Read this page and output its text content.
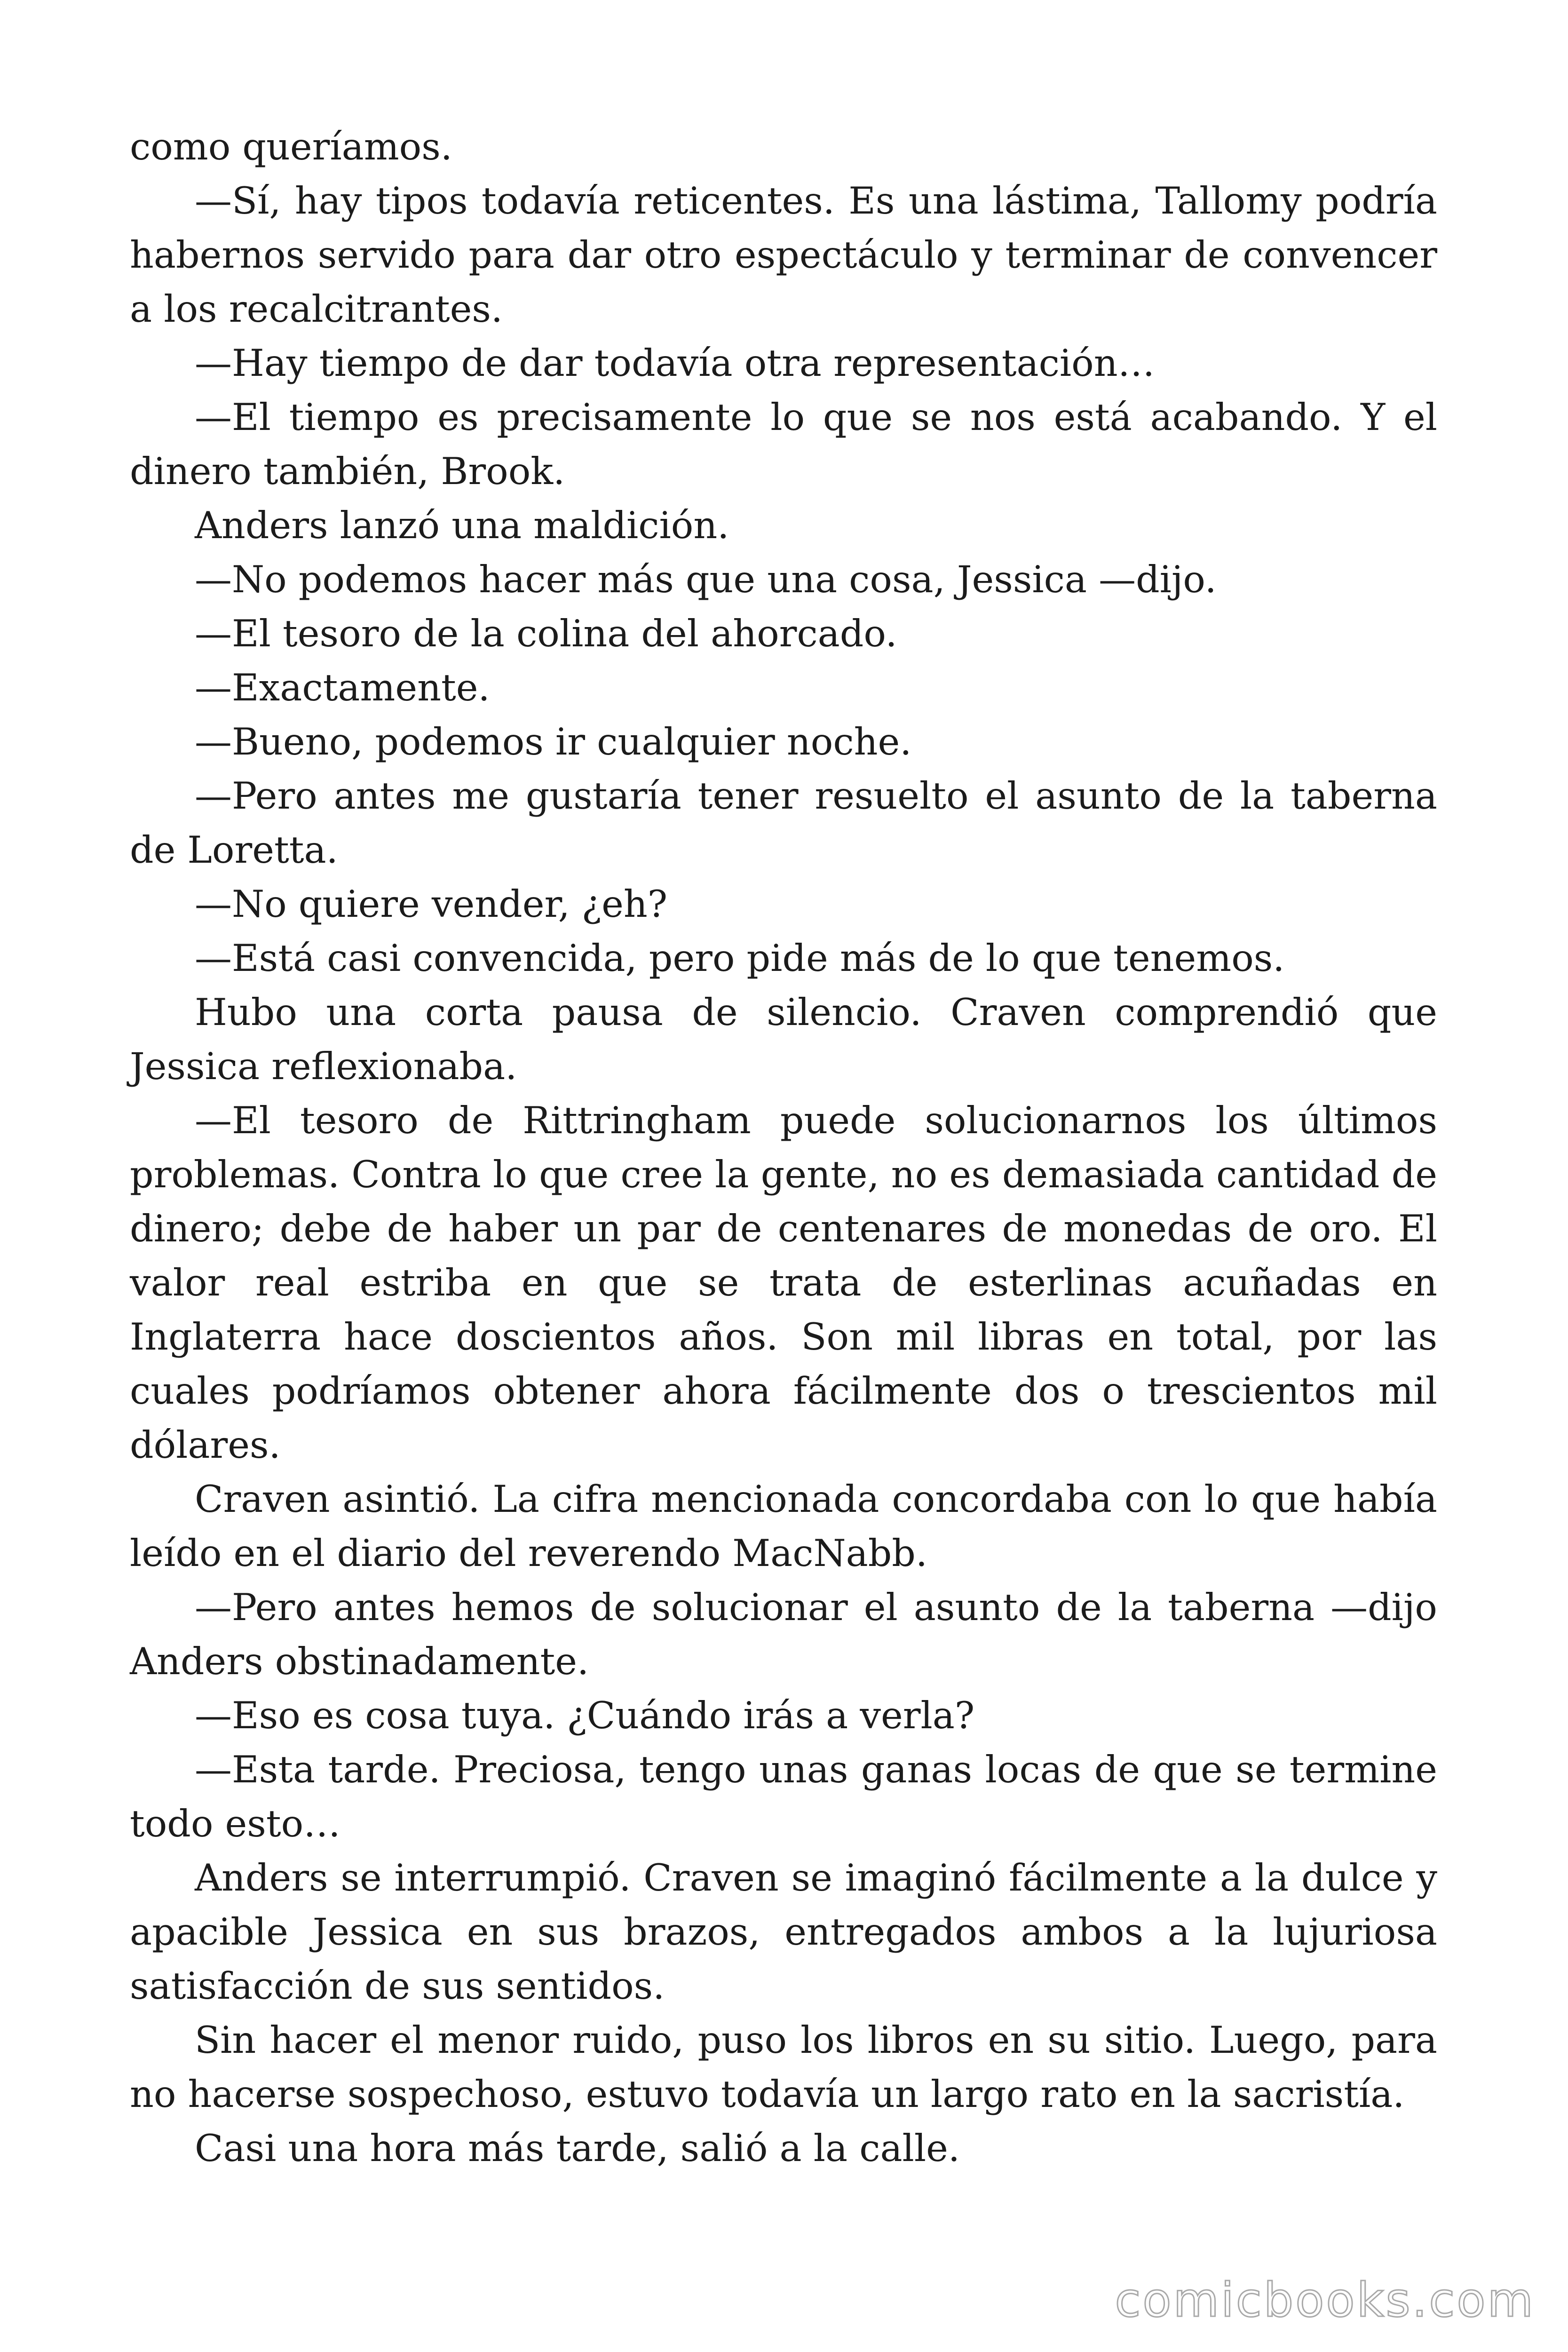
como queríamos.

—Sí, hay tipos todavía reticentes. Es una lástima, Tallomy podría habernos servido para dar otro espectáculo y terminar de convencer a los recalcitrantes.

—Hay tiempo de dar todavía otra representación…

—El tiempo es precisamente lo que se nos está acabando. Y el dinero también, Brook.

Anders lanzó una maldición.

—No podemos hacer más que una cosa, Jessica —dijo.

—El tesoro de la colina del ahorcado.

—Exactamente.

—Bueno, podemos ir cualquier noche.

—Pero antes me gustaría tener resuelto el asunto de la taberna de Loretta.

—No quiere vender, ¿eh?

—Está casi convencida, pero pide más de lo que tenemos.

Hubo una corta pausa de silencio. Craven comprendió que Jessica reflexionaba.

—El tesoro de Rittringham puede solucionarnos los últimos problemas. Contra lo que cree la gente, no es demasiada cantidad de dinero; debe de haber un par de centenares de monedas de oro. El valor real estriba en que se trata de esterlinas acuñadas en Inglaterra hace doscientos años. Son mil libras en total, por las cuales podríamos obtener ahora fácilmente dos o trescientos mil dólares.

Craven asintió. La cifra mencionada concordaba con lo que había leído en el diario del reverendo MacNabb.

—Pero antes hemos de solucionar el asunto de la taberna —dijo Anders obstinadamente.

—Eso es cosa tuya. ¿Cuándo irás a verla?

—Esta tarde. Preciosa, tengo unas ganas locas de que se termine todo esto…

Anders se interrumpió. Craven se imaginó fácilmente a la dulce y apacible Jessica en sus brazos, entregados ambos a la lujuriosa satisfacción de sus sentidos.

Sin hacer el menor ruido, puso los libros en su sitio. Luego, para no hacerse sospechoso, estuvo todavía un largo rato en la sacristía.

Casi una hora más tarde, salió a la calle.

comicbooks.com
